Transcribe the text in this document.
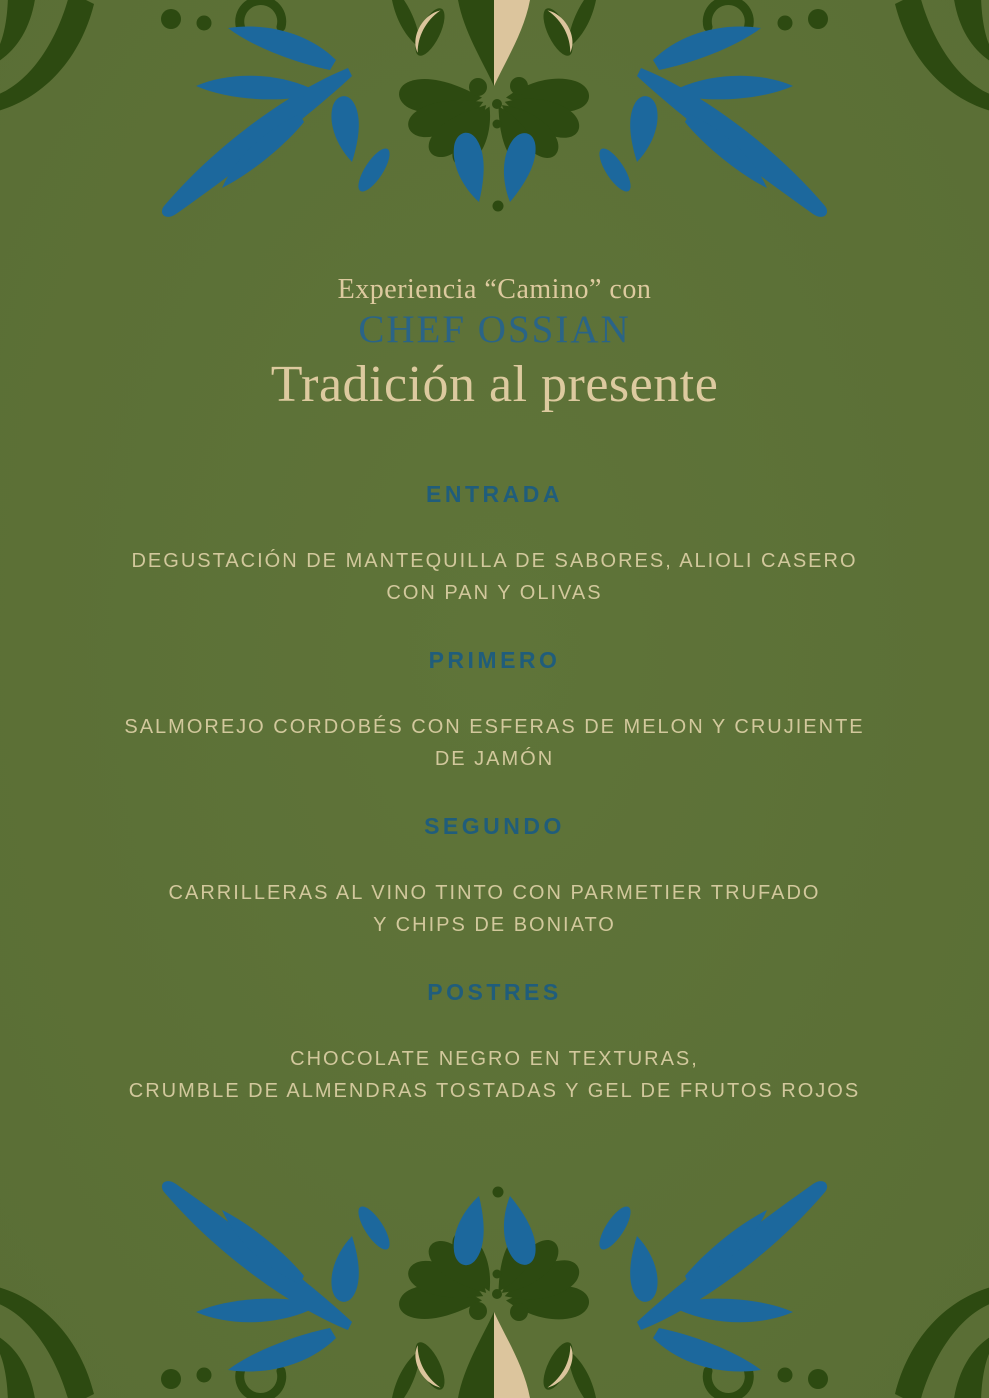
Experiencia “Camino” con
CHEF OSSIAN
Tradición al presente
ENTRADA
DEGUSTACIÓN DE MANTEQUILLA DE SABORES, ALIOLI CASERO
CON PAN Y OLIVAS
PRIMERO
SALMOREJO CORDOBÉS CON ESFERAS DE MELON Y CRUJIENTE
DE JAMÓN
SEGUNDO
CARRILLERAS AL VINO TINTO CON PARMETIER TRUFADO
Y CHIPS DE BONIATO
POSTRES
CHOCOLATE NEGRO EN TEXTURAS,
CRUMBLE DE ALMENDRAS TOSTADAS Y GEL DE FRUTOS ROJOS
